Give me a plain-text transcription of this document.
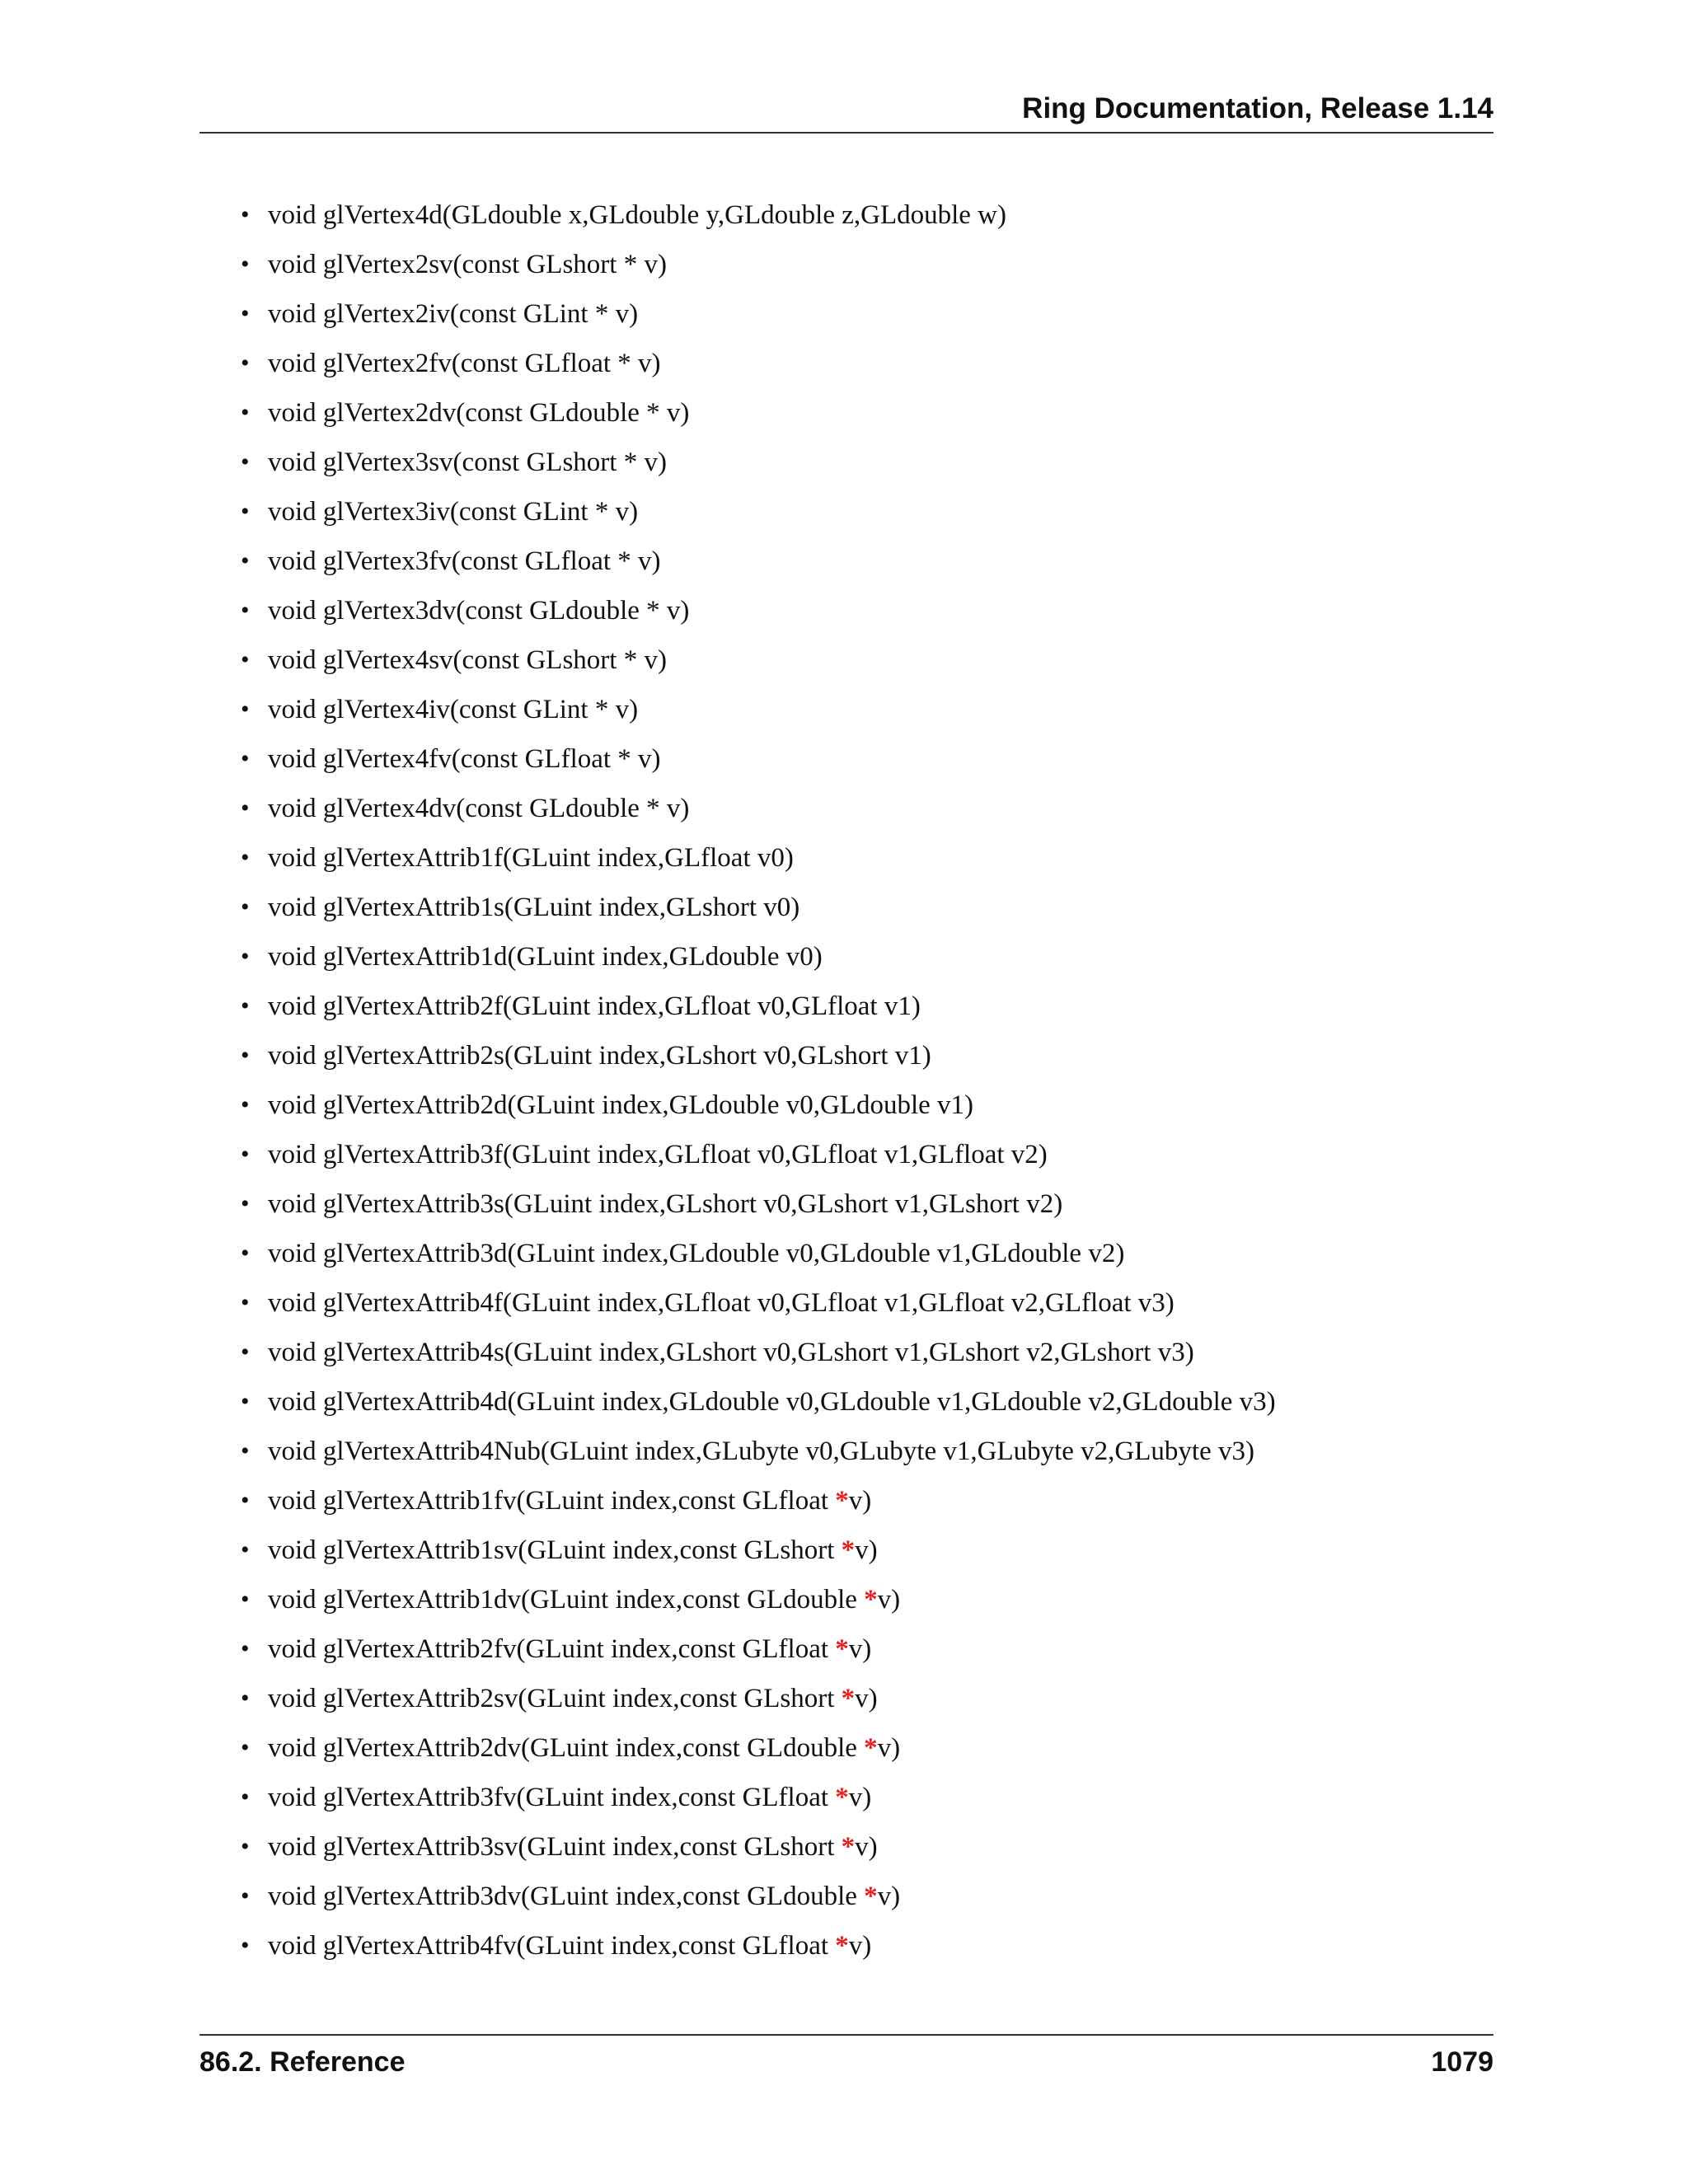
Ring Documentation, Release 1.14
• void glVertex4d(GLdouble x,GLdouble y,GLdouble z,GLdouble w)
• void glVertex2sv(const GLshort * v)
• void glVertex2iv(const GLint * v)
• void glVertex2fv(const GLfloat * v)
• void glVertex2dv(const GLdouble * v)
• void glVertex3sv(const GLshort * v)
• void glVertex3iv(const GLint * v)
• void glVertex3fv(const GLfloat * v)
• void glVertex3dv(const GLdouble * v)
• void glVertex4sv(const GLshort * v)
• void glVertex4iv(const GLint * v)
• void glVertex4fv(const GLfloat * v)
• void glVertex4dv(const GLdouble * v)
• void glVertexAttrib1f(GLuint index,GLfloat v0)
• void glVertexAttrib1s(GLuint index,GLshort v0)
• void glVertexAttrib1d(GLuint index,GLdouble v0)
• void glVertexAttrib2f(GLuint index,GLfloat v0,GLfloat v1)
• void glVertexAttrib2s(GLuint index,GLshort v0,GLshort v1)
• void glVertexAttrib2d(GLuint index,GLdouble v0,GLdouble v1)
• void glVertexAttrib3f(GLuint index,GLfloat v0,GLfloat v1,GLfloat v2)
• void glVertexAttrib3s(GLuint index,GLshort v0,GLshort v1,GLshort v2)
• void glVertexAttrib3d(GLuint index,GLdouble v0,GLdouble v1,GLdouble v2)
• void glVertexAttrib4f(GLuint index,GLfloat v0,GLfloat v1,GLfloat v2,GLfloat v3)
• void glVertexAttrib4s(GLuint index,GLshort v0,GLshort v1,GLshort v2,GLshort v3)
• void glVertexAttrib4d(GLuint index,GLdouble v0,GLdouble v1,GLdouble v2,GLdouble v3)
• void glVertexAttrib4Nub(GLuint index,GLubyte v0,GLubyte v1,GLubyte v2,GLubyte v3)
• void glVertexAttrib1fv(GLuint index,const GLfloat *v)
• void glVertexAttrib1sv(GLuint index,const GLshort *v)
• void glVertexAttrib1dv(GLuint index,const GLdouble *v)
• void glVertexAttrib2fv(GLuint index,const GLfloat *v)
• void glVertexAttrib2sv(GLuint index,const GLshort *v)
• void glVertexAttrib2dv(GLuint index,const GLdouble *v)
• void glVertexAttrib3fv(GLuint index,const GLfloat *v)
• void glVertexAttrib3sv(GLuint index,const GLshort *v)
• void glVertexAttrib3dv(GLuint index,const GLdouble *v)
• void glVertexAttrib4fv(GLuint index,const GLfloat *v)
86.2. Reference	1079
